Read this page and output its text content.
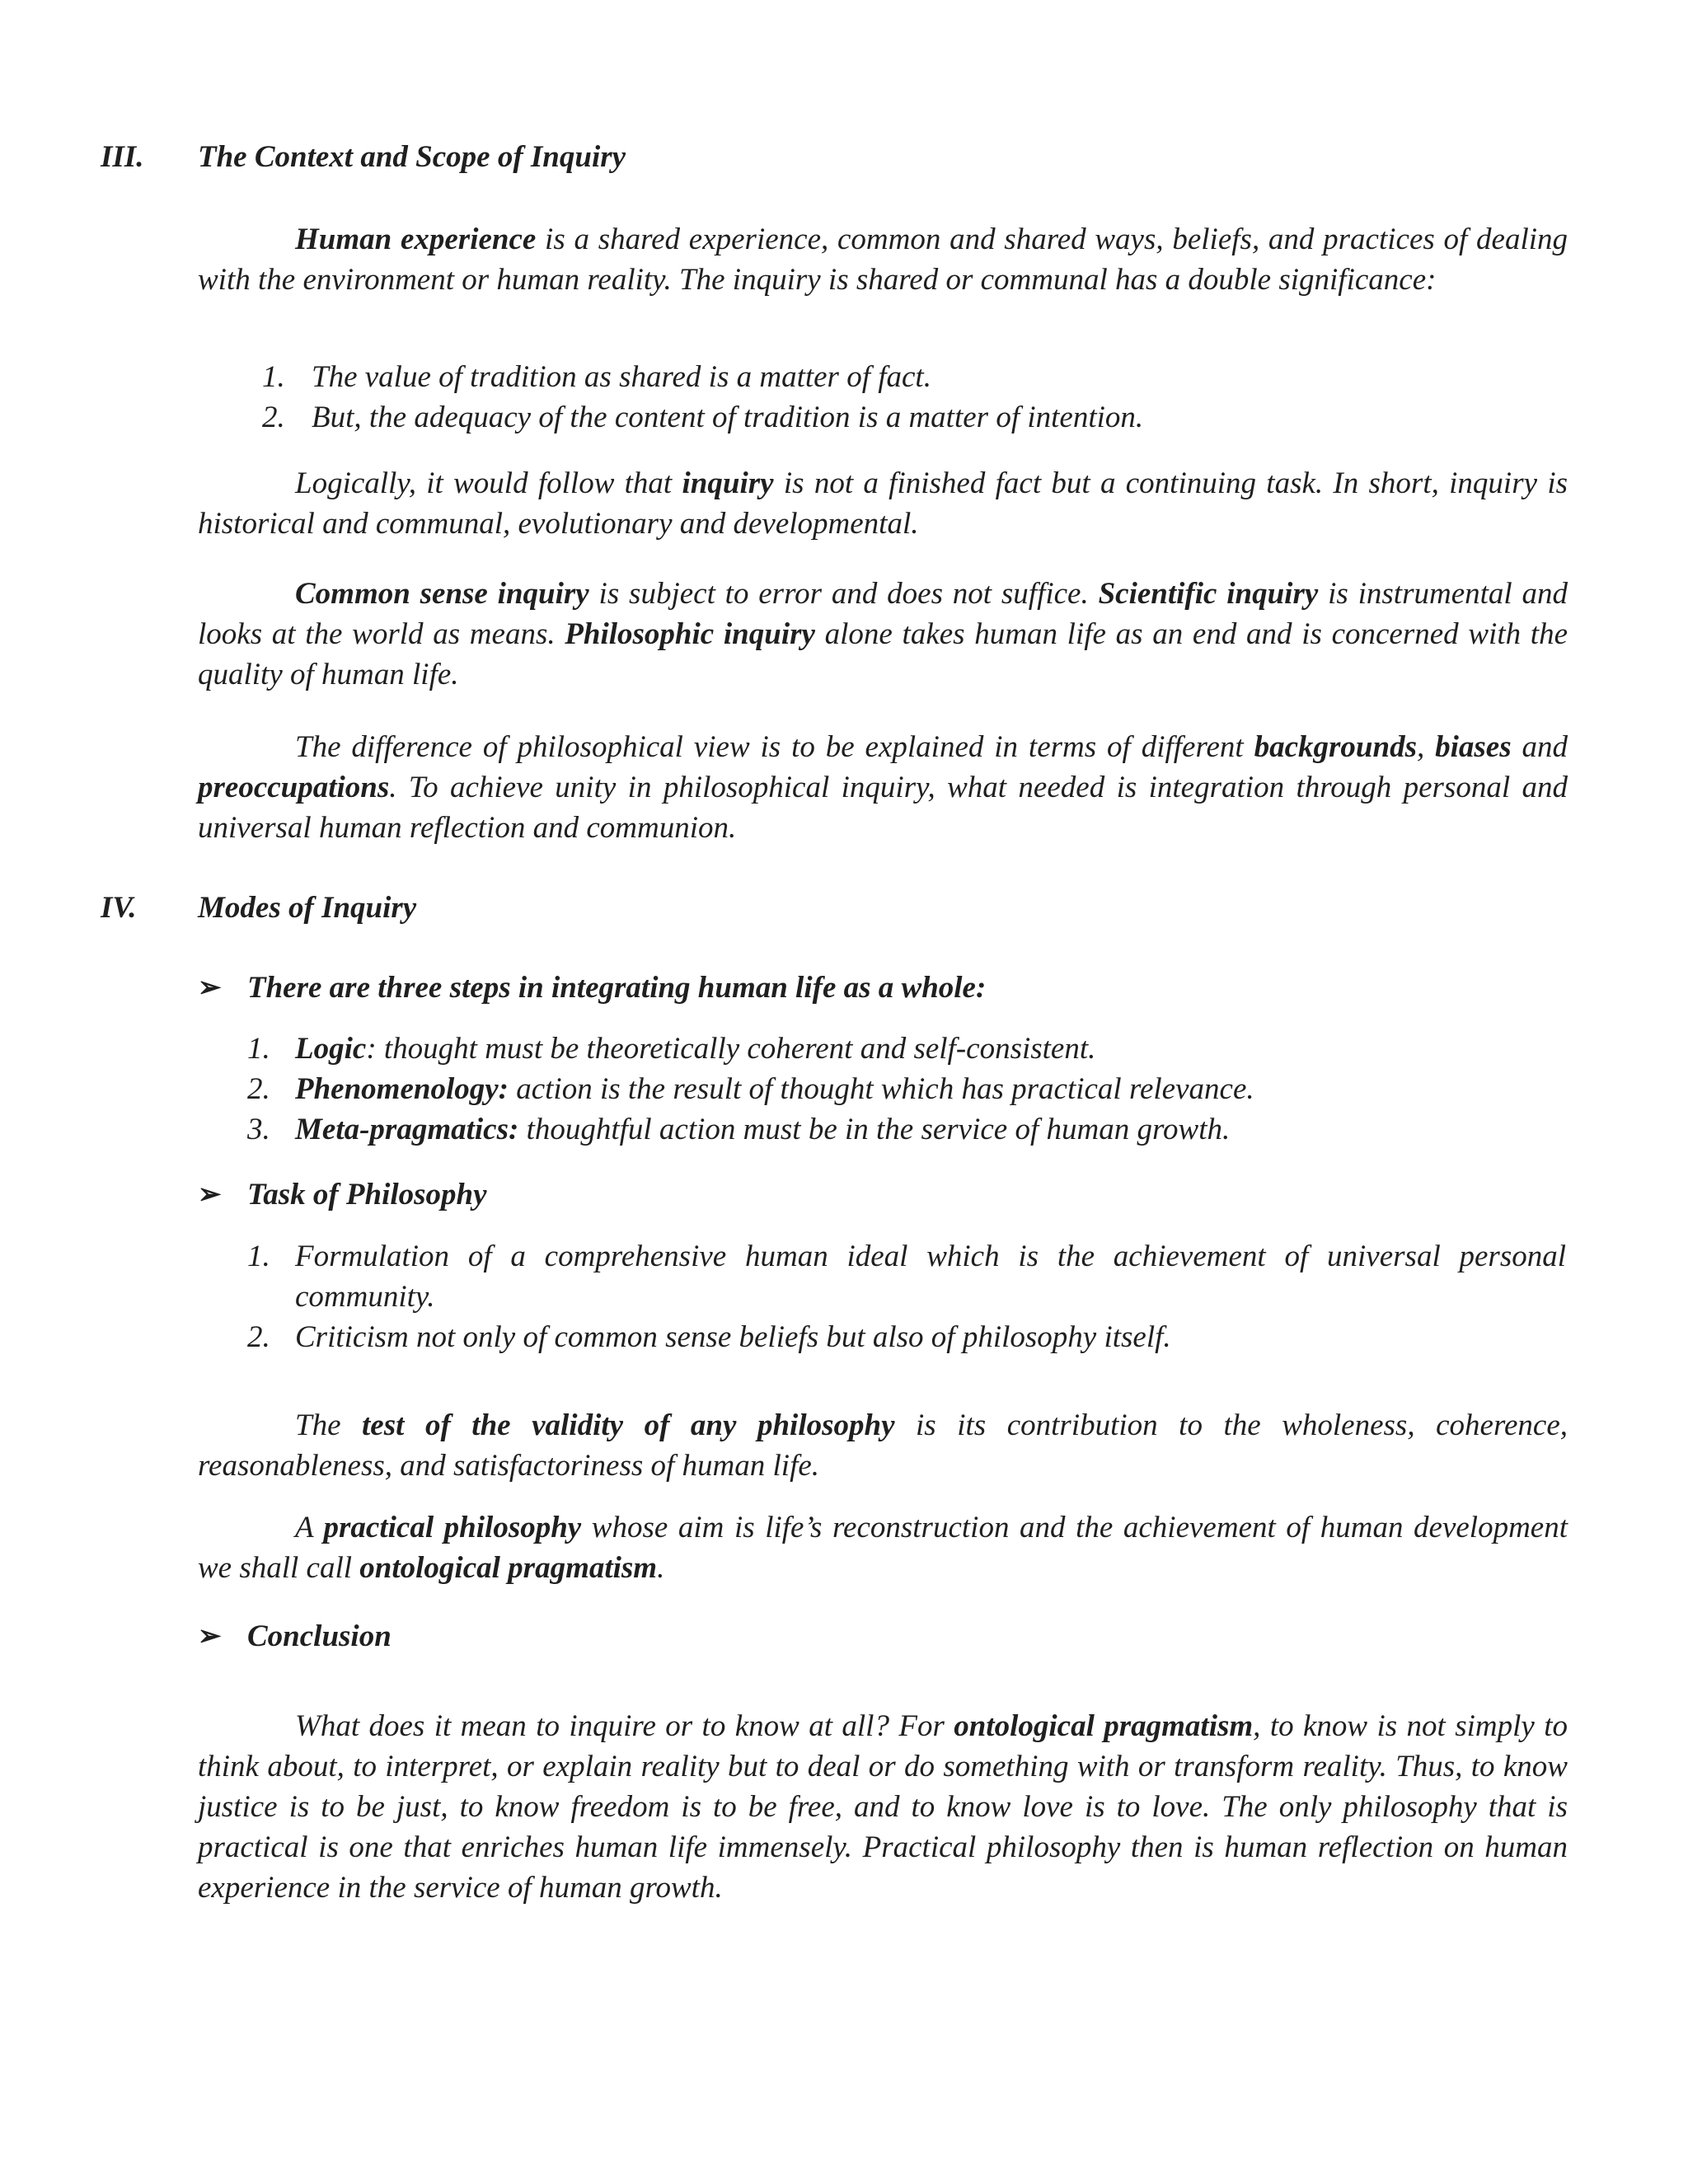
III. The Context and Scope of Inquiry
Human experience is a shared experience, common and shared ways, beliefs, and practices of dealing with the environment or human reality. The inquiry is shared or communal has a double significance:
1. The value of tradition as shared is a matter of fact.
2. But, the adequacy of the content of tradition is a matter of intention.
Logically, it would follow that inquiry is not a finished fact but a continuing task. In short, inquiry is historical and communal, evolutionary and developmental.
Common sense inquiry is subject to error and does not suffice. Scientific inquiry is instrumental and looks at the world as means. Philosophic inquiry alone takes human life as an end and is concerned with the quality of human life.
The difference of philosophical view is to be explained in terms of different backgrounds, biases and preoccupations. To achieve unity in philosophical inquiry, what needed is integration through personal and universal human reflection and communion.
IV. Modes of Inquiry
➢ There are three steps in integrating human life as a whole:
1. Logic: thought must be theoretically coherent and self-consistent.
2. Phenomenology: action is the result of thought which has practical relevance.
3. Meta-pragmatics: thoughtful action must be in the service of human growth.
➢ Task of Philosophy
1. Formulation of a comprehensive human ideal which is the achievement of universal personal community.
2. Criticism not only of common sense beliefs but also of philosophy itself.
The test of the validity of any philosophy is its contribution to the wholeness, coherence, reasonableness, and satisfactoriness of human life.
A practical philosophy whose aim is life’s reconstruction and the achievement of human development we shall call ontological pragmatism.
➢ Conclusion
What does it mean to inquire or to know at all? For ontological pragmatism, to know is not simply to think about, to interpret, or explain reality but to deal or do something with or transform reality. Thus, to know justice is to be just, to know freedom is to be free, and to know love is to love. The only philosophy that is practical is one that enriches human life immensely. Practical philosophy then is human reflection on human experience in the service of human growth.
